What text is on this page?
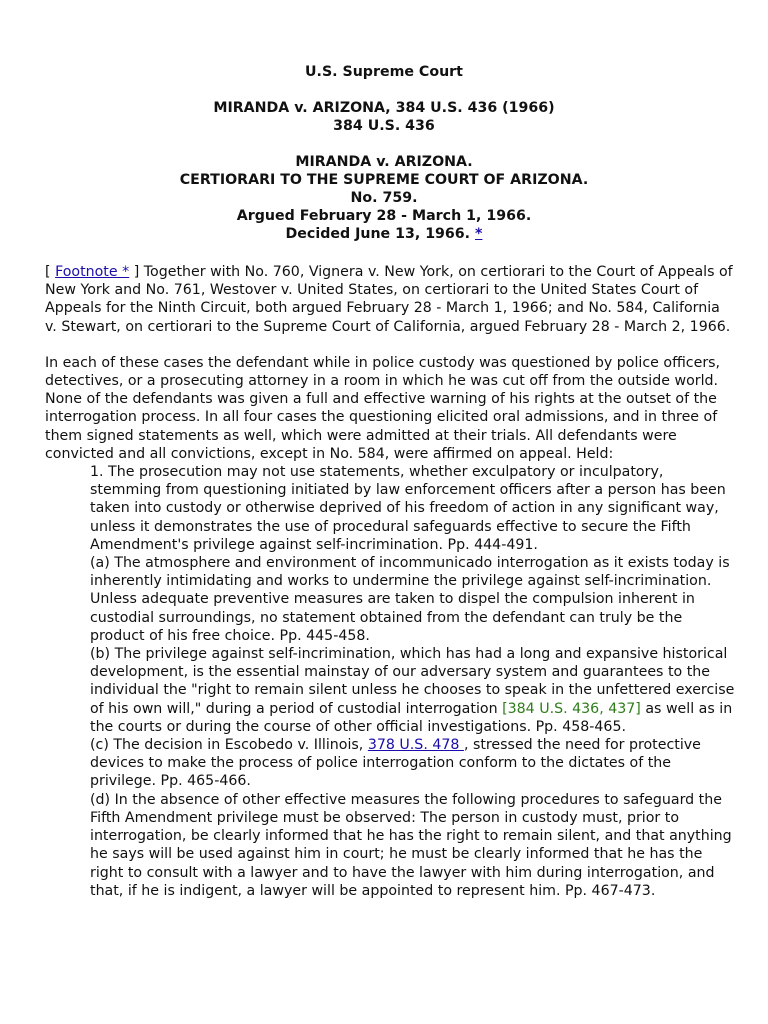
U.S. Supreme Court
MIRANDA v. ARIZONA, 384 U.S. 436 (1966)
384 U.S. 436
MIRANDA v. ARIZONA.
CERTIORARI TO THE SUPREME COURT OF ARIZONA.
No. 759.
Argued February 28 - March 1, 1966.
Decided June 13, 1966. *

[ Footnote * ] Together with No. 760, Vignera v. New York, on certiorari to the Court of Appeals of New York and No. 761, Westover v. United States, on certiorari to the United States Court of Appeals for the Ninth Circuit, both argued February 28 - March 1, 1966; and No. 584, California v. Stewart, on certiorari to the Supreme Court of California, argued February 28 - March 2, 1966.

In each of these cases the defendant while in police custody was questioned by police officers, detectives, or a prosecuting attorney in a room in which he was cut off from the outside world. None of the defendants was given a full and effective warning of his rights at the outset of the interrogation process. In all four cases the questioning elicited oral admissions, and in three of them signed statements as well, which were admitted at their trials. All defendants were convicted and all convictions, except in No. 584, were affirmed on appeal. Held:

1. The prosecution may not use statements, whether exculpatory or inculpatory, stemming from questioning initiated by law enforcement officers after a person has been taken into custody or otherwise deprived of his freedom of action in any significant way, unless it demonstrates the use of procedural safeguards effective to secure the Fifth Amendment's privilege against self-incrimination. Pp. 444-491.

(a) The atmosphere and environment of incommunicado interrogation as it exists today is inherently intimidating and works to undermine the privilege against self-incrimination. Unless adequate preventive measures are taken to dispel the compulsion inherent in custodial surroundings, no statement obtained from the defendant can truly be the product of his free choice. Pp. 445-458.

(b) The privilege against self-incrimination, which has had a long and expansive historical development, is the essential mainstay of our adversary system and guarantees to the individual the "right to remain silent unless he chooses to speak in the unfettered exercise of his own will," during a period of custodial interrogation [384 U.S. 436, 437] as well as in the courts or during the course of other official investigations. Pp. 458-465.

(c) The decision in Escobedo v. Illinois, 378 U.S. 478 , stressed the need for protective devices to make the process of police interrogation conform to the dictates of the privilege. Pp. 465-466.

(d) In the absence of other effective measures the following procedures to safeguard the Fifth Amendment privilege must be observed: The person in custody must, prior to interrogation, be clearly informed that he has the right to remain silent, and that anything he says will be used against him in court; he must be clearly informed that he has the right to consult with a lawyer and to have the lawyer with him during interrogation, and that, if he is indigent, a lawyer will be appointed to represent him. Pp. 467-473.
